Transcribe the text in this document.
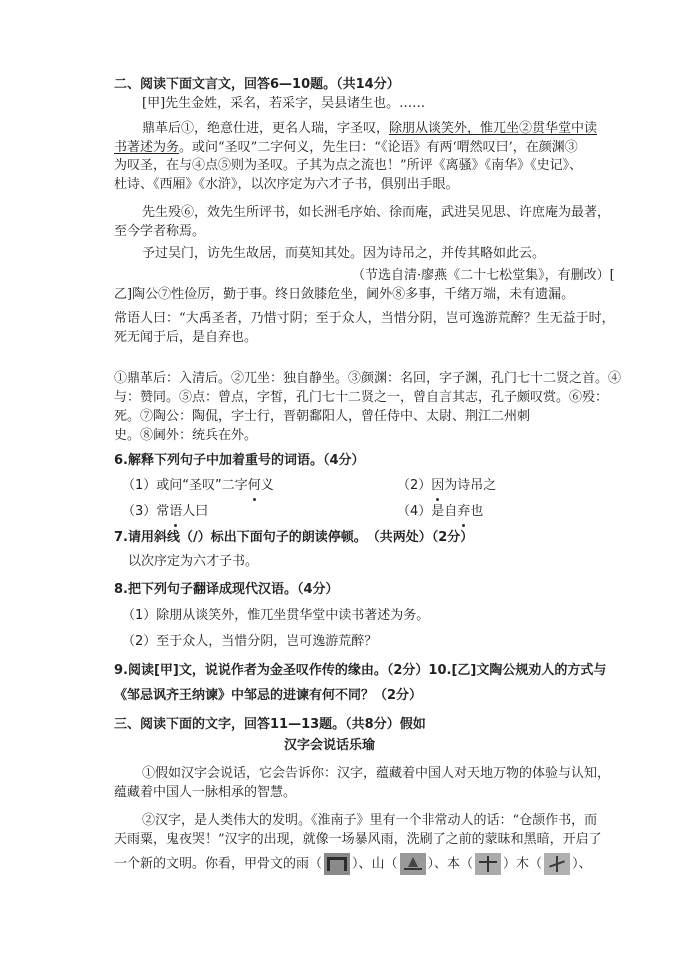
二、阅读下面文言文，回答6—10题。（共14分）
[甲]先生金姓，采名，若采字，吴县诸生也。……
鼎革后①，绝意仕进，更名人瑞，字圣叹，除朋从谈笑外，惟兀坐②贯华堂中读
书著述为务。或问“圣叹”二字何义，先生曰：“《论语》有两‘喟然叹曰’，在颜渊③
为叹圣，在与④点⑤则为圣叹。子其为点之流也！”所评《离骚》《南华》《史记》、
杜诗、《西厢》《水浒》，以次序定为六才子书，俱别出手眼。
先生殁⑥，效先生所评书，如长洲毛序始、徐而庵，武进吴见思、许庶庵为最著，
至今学者称焉。
予过吴门，访先生故居，而莫知其处。因为诗吊之，并传其略如此云。
（节选自清·廖燕《二十七松堂集》，有删改）[
乙]陶公⑦性俭厉，勤于事。终日敛膝危坐，阃外⑧多事，千绪万端，未有遗漏。
常语人曰：“大禹圣者，乃惜寸阴；至于众人，当惜分阴，岂可逸游荒醉？生无益于时，
死无闻于后，是自弃也。
①鼎革后：入清后。②兀坐：独自静坐。③颜渊：名回，字子渊，孔门七十二贤之首。④
与：赞同。⑤点：曾点，字皙，孔门七十二贤之一，曾自言其志，孔子颇叹赏。⑥殁：
死。⑦陶公：陶侃，字士行，晋朝鄱阳人，曾任侍中、太尉、荆江二州刺
史。⑧阃外：统兵在外。
6.解释下列句子中加着重号的词语。（4分）
（1）或问“圣叹”二字何义	（2）因为诗吊之
（3）常语人曰	（4）是自弃也
7.请用斜线（/）标出下面句子的朗读停顿。　（共两处）（2分）
以次序定为六才子书。
8.把下列句子翻译成现代汉语。（4分）
（1）除朋从谈笑外，惟兀坐贯华堂中读书著述为务。
（2）至于众人，当惜分阴，岂可逸游荒醉？
9.阅读[甲]文，说说作者为金圣叹作传的缘由。（2分）10.[乙]文陶公规劝人的方式与
《邹忌讽齐王纳谏》中邹忌的进谏有何不同？（2分）
三、阅读下面的文字，回答11—13题。（共8分）假如
汉字会说话乐瑜
①假如汉字会说话，它会告诉你：汉字，蕴藏着中国人对天地万物的体验与认知，
蕴藏着中国人一脉相承的智慧。
②汉字，是人类伟大的发明。《淮南子》里有一个非常动人的话：“仓颉作书，而
天雨粟，鬼夜哭！”汉字的出现，就像一场暴风雨，洗刷了之前的蒙昧和黑暗，开启了
一个新的文明。你看，甲骨文的雨（ ）、山（ ）、本（ ）木（ ）、
